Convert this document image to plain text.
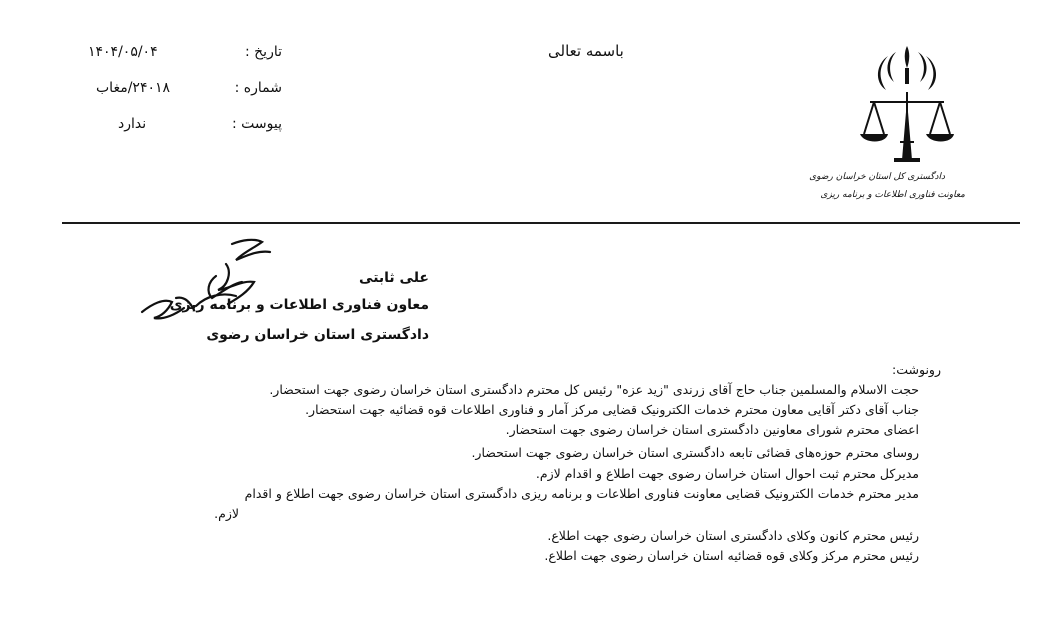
دادگستری کل استان خراسان رضوی
معاونت فناوری اطلاعات و برنامه ریزی
باسمه تعالی
تاریخ :
۱۴۰۴/۰۵/۰۴
شماره :
۲۴۰۱۸/مغاب
پیوست :
ندارد
علی ثابتی
معاون فناوری اطلاعات و برنامه ریزی
دادگستری استان خراسان رضوی
رونوشت:
حجت الاسلام والمسلمین جناب حاج آقای زرندی "زید عزه" رئیس کل محترم دادگستری استان خراسان رضوی جهت استحضار.
جناب آقای دکتر آقایی معاون محترم خدمات الکترونیک قضایی مرکز آمار و فناوری اطلاعات قوه قضائیه جهت استحضار.
اعضای محترم شورای معاونین دادگستری استان خراسان رضوی جهت استحضار.
روسای محترم حوزه‌های قضائی تابعه دادگستری استان خراسان رضوی جهت استحضار.
مدیرکل محترم ثبت احوال استان خراسان رضوی جهت اطلاع و اقدام لازم.
مدیر محترم خدمات الکترونیک قضایی معاونت فناوری اطلاعات و برنامه ریزی دادگستری استان خراسان رضوی جهت اطلاع و اقدام
لازم.
رئیس محترم کانون وکلای دادگستری استان خراسان رضوی جهت اطلاع.
رئیس محترم مرکز وکلای قوه قضائیه استان خراسان رضوی جهت اطلاع.
